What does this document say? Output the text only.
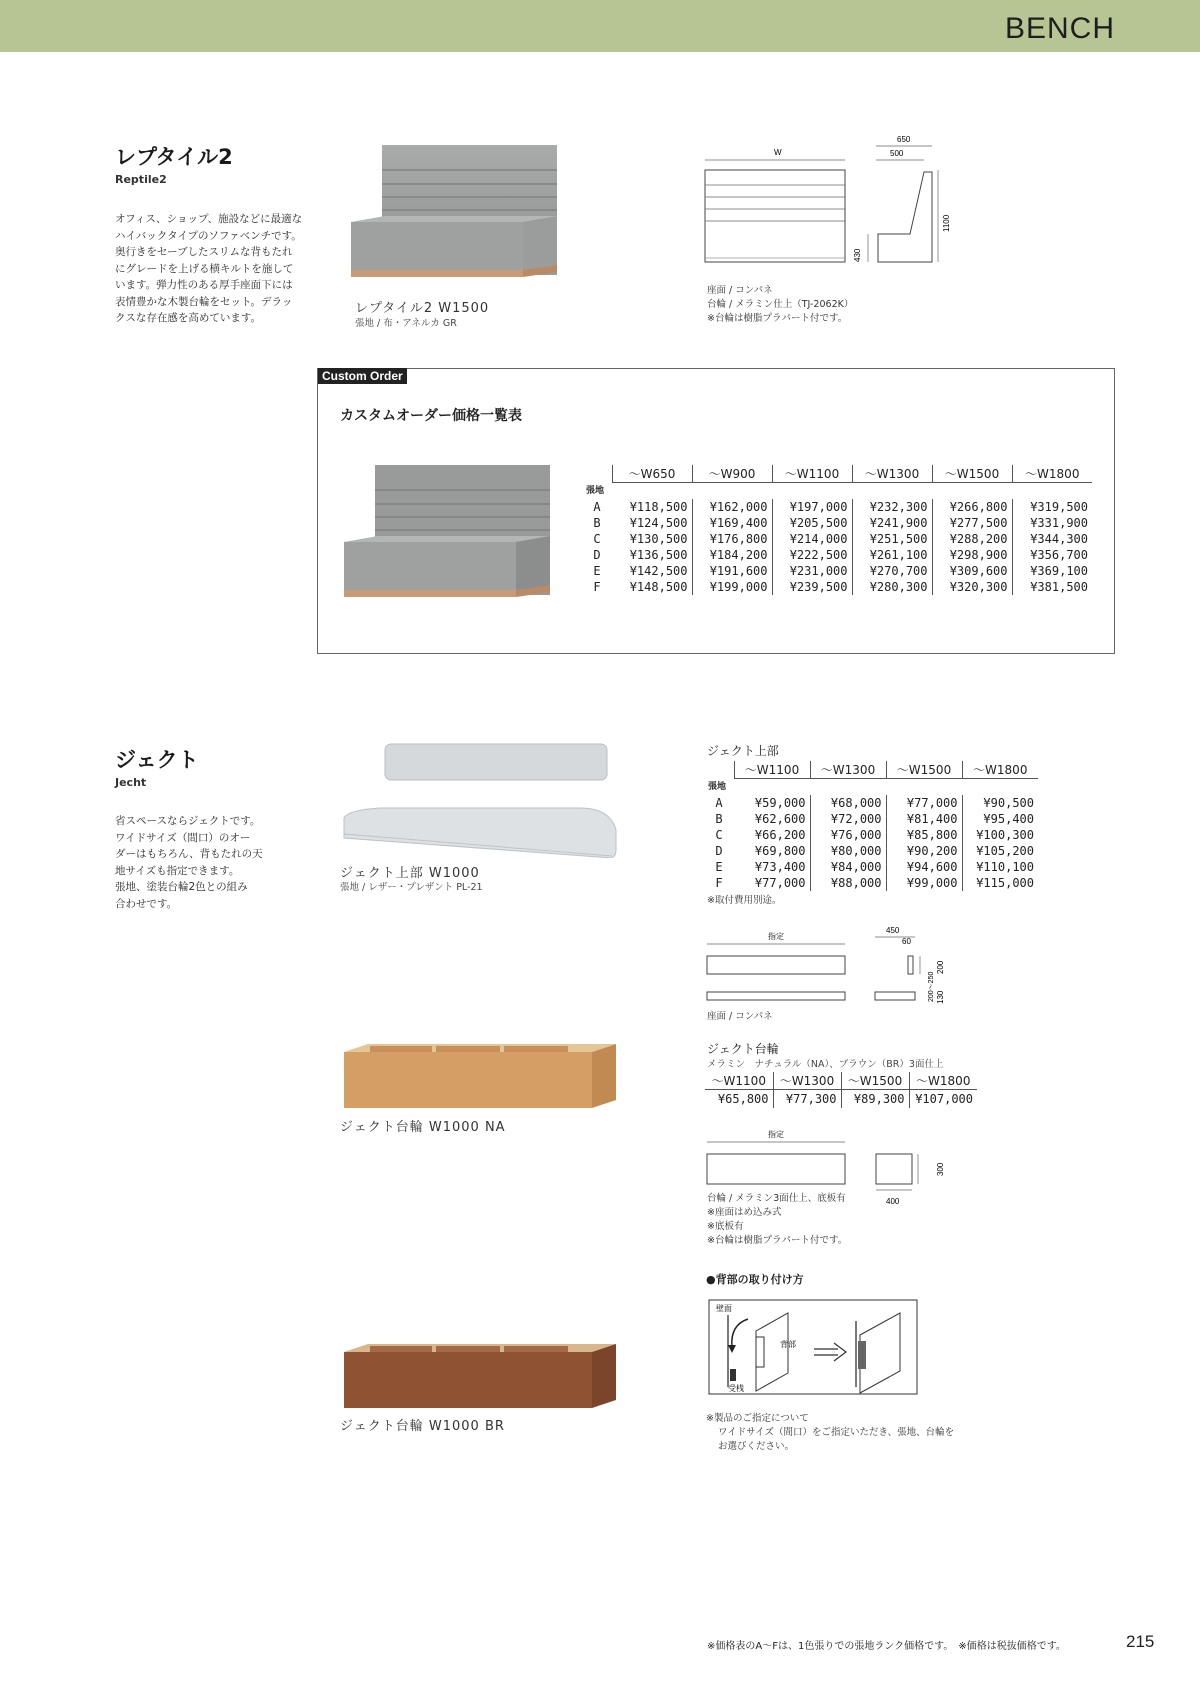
BENCH
レプタイル2
Reptile2
オフィス、ショップ、施設などに最適な
ハイバックタイプのソファベンチです。
奥行きをセーブしたスリムな背もたれ
にグレードを上げる横キルトを施して
います。弾力性のある厚手座面下には
表情豊かな木製台輪をセット。デラッ
クスな存在感を高めています。
レプタイル2 W1500
張地 / 布・アネルカ GR
W
650
500
1100
430
座面 / コンパネ
台輪 / メラミン仕上（TJ-2062K）
※台輪は樹脂プラパート付です。
Custom Order
カスタムオーダー価格一覧表
	〜W650	〜W900	〜W1100	〜W1300	〜W1500	〜W1800
張地						
A	¥118,500	¥162,000	¥197,000	¥232,300	¥266,800	¥319,500
B	¥124,500	¥169,400	¥205,500	¥241,900	¥277,500	¥331,900
C	¥130,500	¥176,800	¥214,000	¥251,500	¥288,200	¥344,300
D	¥136,500	¥184,200	¥222,500	¥261,100	¥298,900	¥356,700
E	¥142,500	¥191,600	¥231,000	¥270,700	¥309,600	¥369,100
F	¥148,500	¥199,000	¥239,500	¥280,300	¥320,300	¥381,500
ジェクト
Jecht
省スペースならジェクトです。
ワイドサイズ（間口）のオー
ダーはもちろん、背もたれの天
地サイズも指定できます。
張地、塗装台輪2色との組み
合わせです。
ジェクト上部 W1000
張地 / レザー・プレザント PL-21
ジェクト上部
	〜W1100	〜W1300	〜W1500	〜W1800
張地				
A	¥59,000	¥68,000	¥77,000	¥90,500
B	¥62,600	¥72,000	¥81,400	¥95,400
C	¥66,200	¥76,000	¥85,800	¥100,300
D	¥69,800	¥80,000	¥90,200	¥105,200
E	¥73,400	¥84,000	¥94,600	¥110,100
F	¥77,000	¥88,000	¥99,000	¥115,000
※取付費用別途。
指定
450
60
200
200〜250 130
座面 / コンパネ
ジェクト台輪 W1000 NA
ジェクト台輪
メラミン　ナチュラル（NA）、ブラウン（BR）3面仕上
〜W1100	〜W1300	〜W1500	〜W1800
¥65,800	¥77,300	¥89,300	¥107,000
指定
300
400
台輪 / メラミン3面仕上、底板有
※座面はめ込み式
※底板有
※台輪は樹脂プラパート付です。
●背部の取り付け方
壁面
背部
受桟
※製品のご指定について
ワイドサイズ（間口）をご指定いただき、張地、台輪を
お選びください。
ジェクト台輪 W1000 BR
※価格表のA〜Fは、1色張りでの張地ランク価格です。　※価格は税抜価格です。	215
